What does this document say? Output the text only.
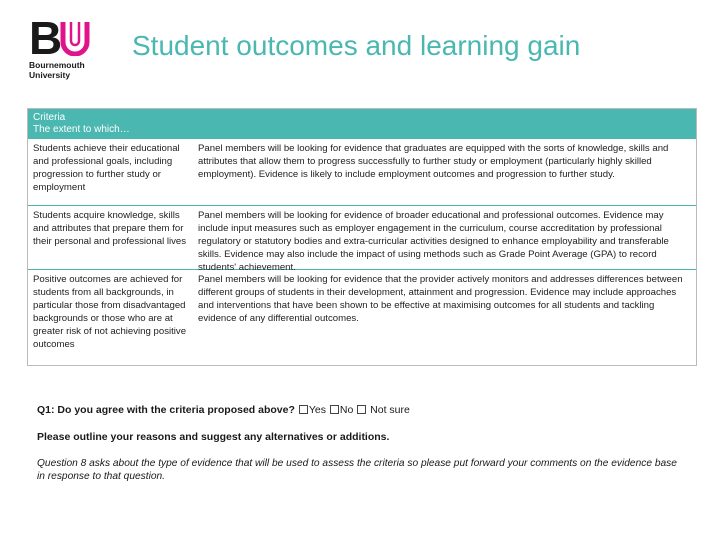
B
Bournemouth
University
Student outcomes and learning gain
Criteria
The extent to which…
Students achieve their educational and professional goals, including progression to further study or employment
Panel members will be looking for evidence that graduates are equipped with the sorts of knowledge, skills and attributes that allow them to progress successfully to further study or employment (particularly highly skilled employment). Evidence is likely to include employment outcomes and progression to further study.
Students acquire knowledge, skills and attributes that prepare them for their personal and professional lives
Panel members will be looking for evidence of broader educational and professional outcomes. Evidence may include input measures such as employer engagement in the curriculum, course accreditation by professional regulatory or statutory bodies and extra-curricular activities designed to enhance employability and transferable skills. Evidence may also include the impact of using methods such as Grade Point Average (GPA) to record students' achievement.
Positive outcomes are achieved for students from all backgrounds, in particular those from disadvantaged backgrounds or those who are at greater risk of not achieving positive outcomes
Panel members will be looking for evidence that the provider actively monitors and addresses differences between different groups of students in their development, attainment and progression. Evidence may include approaches and interventions that have been shown to be effective at maximising outcomes for all students and tackling evidence of any differential outcomes.
Q1: Do you agree with the criteria proposed above? Yes No Not sure
Please outline your reasons and suggest any alternatives or additions.
Question 8 asks about the type of evidence that will be used to assess the criteria so please put forward your comments on the evidence base in response to that question.
